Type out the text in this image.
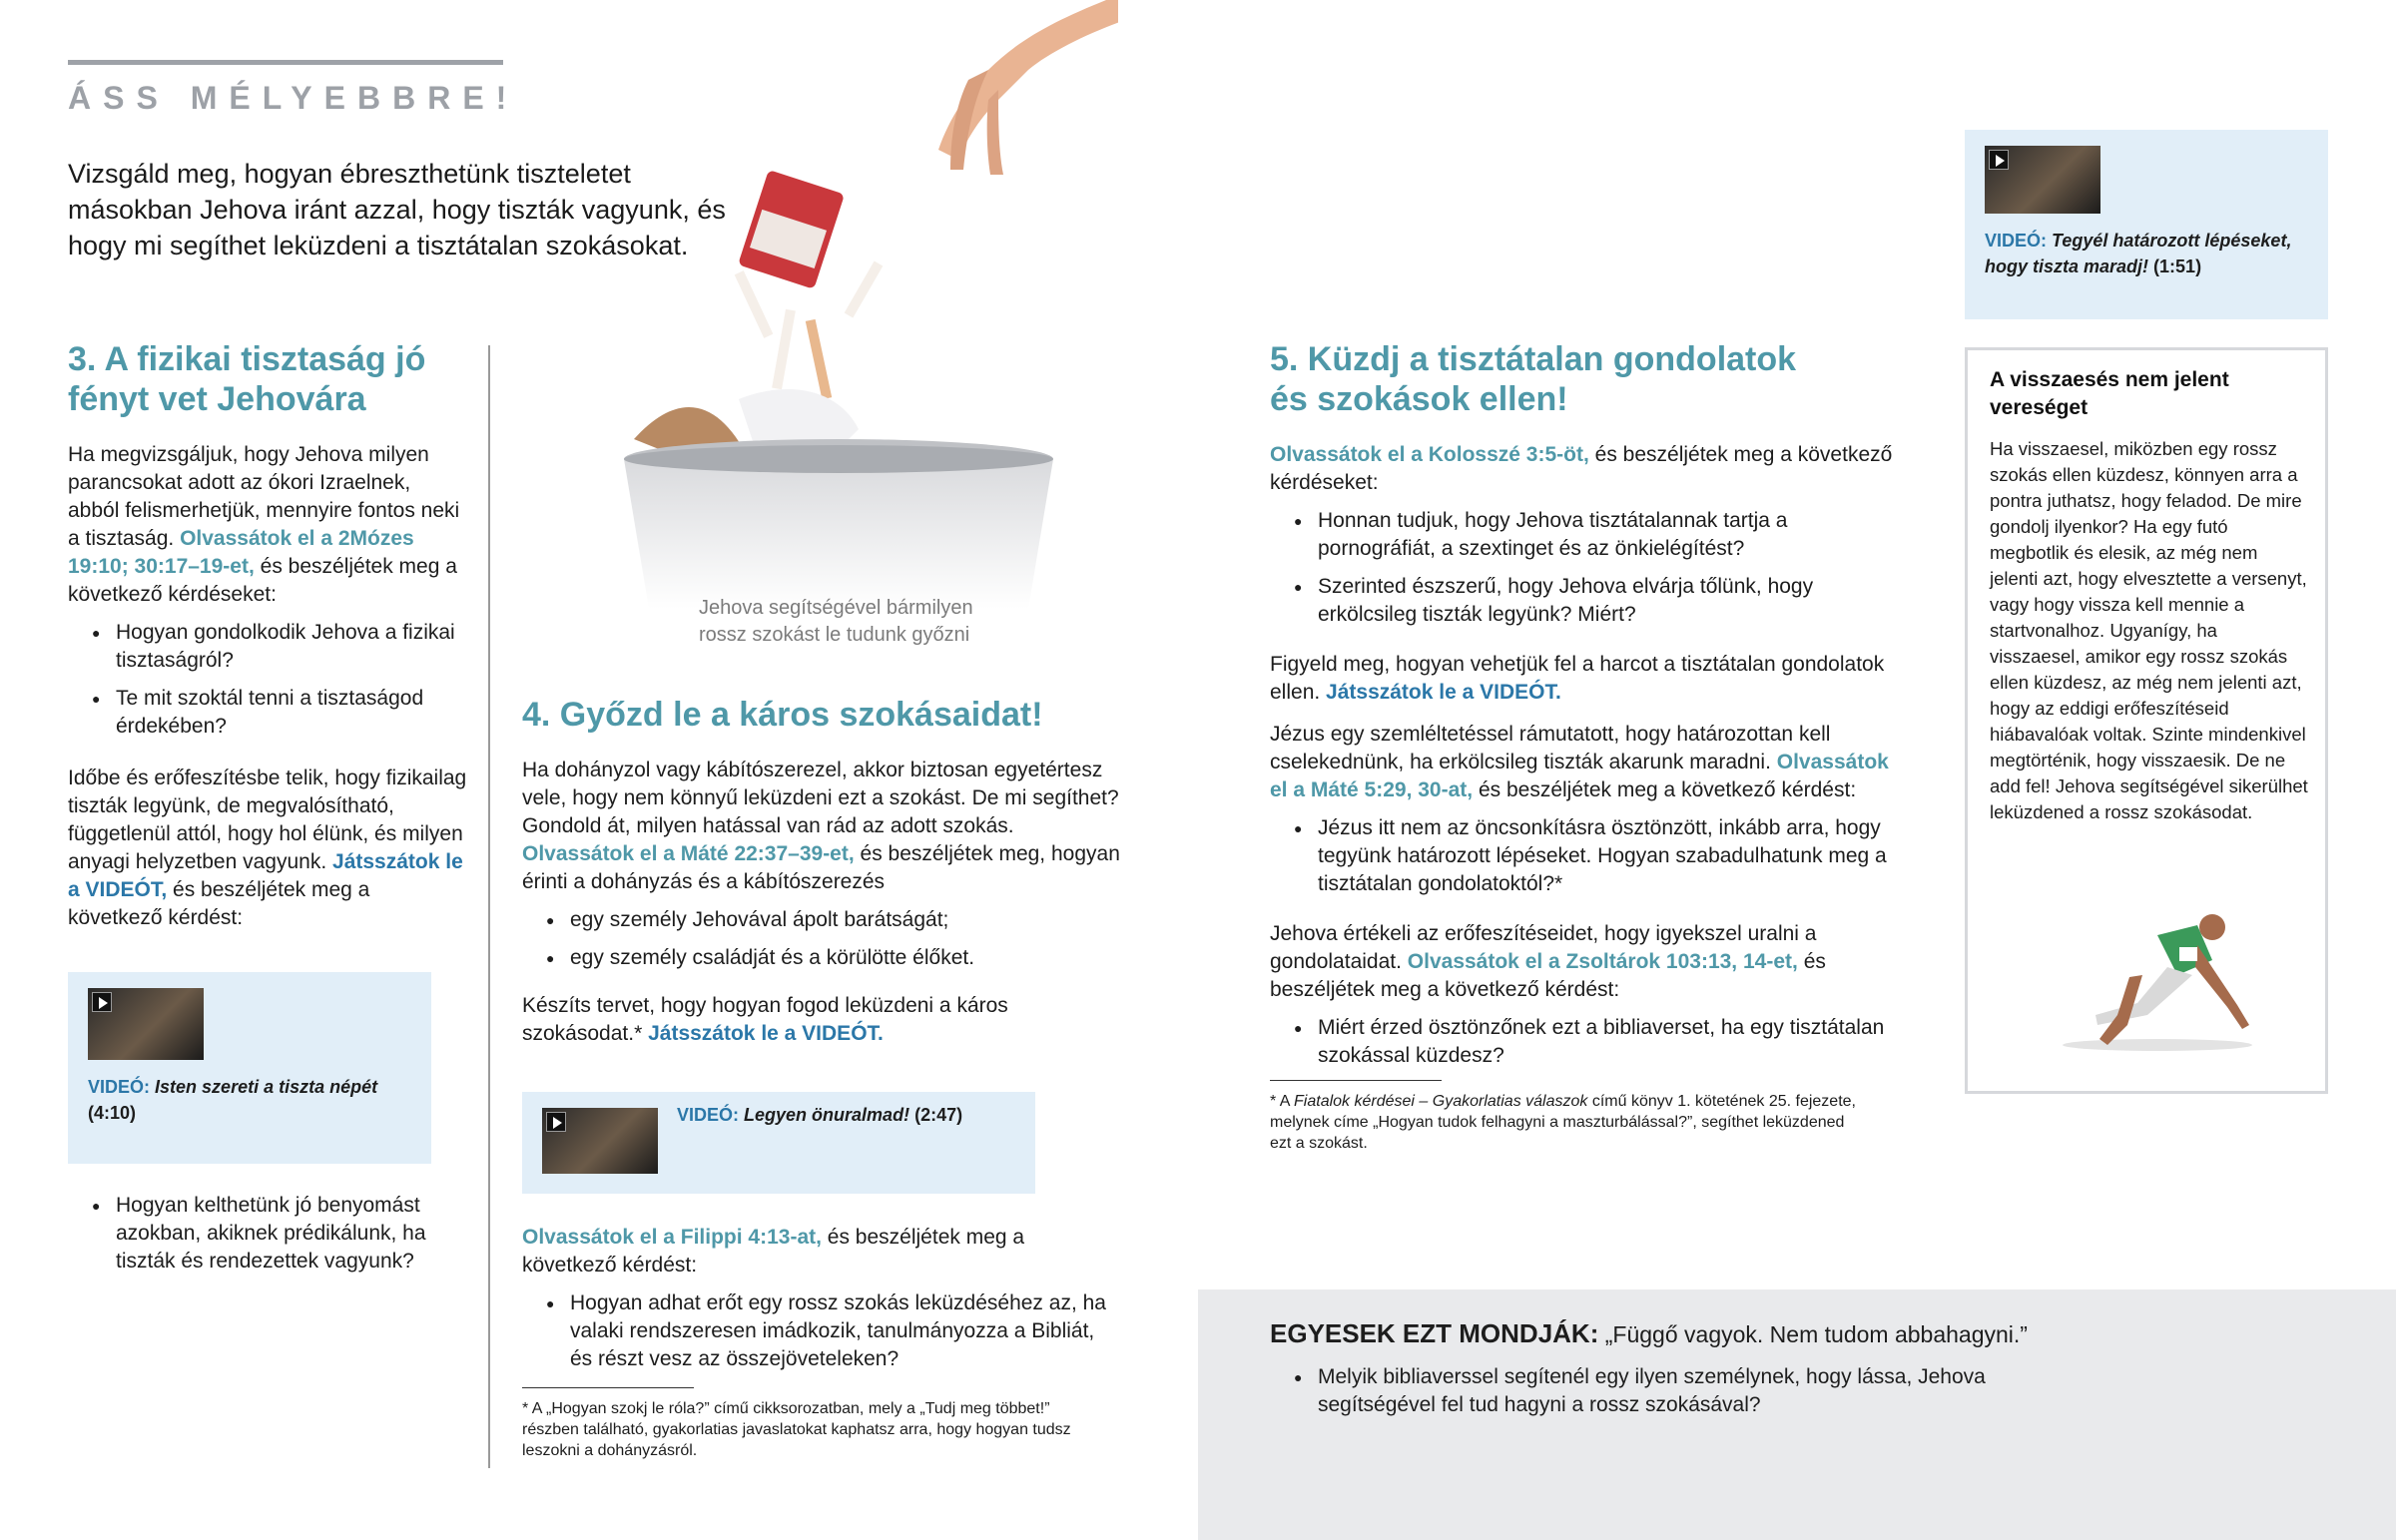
ÁSS MÉLYEBBRE!
Vizsgáld meg, hogyan ébreszthetünk tiszteletet másokban Jehova iránt azzal, hogy tiszták vagyunk, és hogy mi segíthet leküzdeni a tisztátalan szokásokat.
Jehova segítségével bármilyen rossz szokást le tudunk győzni
3. A fizikai tisztaság jó fényt vet Jehovára
Ha megvizsgáljuk, hogy Jehova milyen parancsokat adott az ókori Izraelnek, abból felismerhetjük, mennyire fontos neki a tisztaság. Olvassátok el a 2Mózes 19:10; 30:17–19-et, és beszéljétek meg a következő kérdéseket:
● Hogyan gondolkodik Jehova a fizikai tisztaságról?
● Te mit szoktál tenni a tisztaságod érdekében?
Időbe és erőfeszítésbe telik, hogy fizikailag tiszták legyünk, de megvalósítható, függetlenül attól, hogy hol élünk, és milyen anyagi helyzetben vagyunk. Játsszátok le a VIDEÓT, és beszéljétek meg a következő kérdést:
VIDEÓ: Isten szereti a tiszta népét
(4:10)
● Hogyan kelthetünk jó benyomást azokban, akiknek prédikálunk, ha tiszták és rendezettek vagyunk?
4. Győzd le a káros szokásaidat!
Ha dohányzol vagy kábítószerezel, akkor biztosan egyetértesz vele, hogy nem könnyű leküzdeni ezt a szokást. De mi segíthet? Gondold át, milyen hatással van rád az adott szokás. Olvassátok el a Máté 22:37–39-et, és beszéljétek meg, hogyan érinti a dohányzás és a kábítószerezés
● egy személy Jehovával ápolt barátságát;
● egy személy családját és a körülötte élőket.
Készíts tervet, hogy hogyan fogod leküzdeni a káros szokásodat.* Játsszátok le a VIDEÓT.
VIDEÓ: Legyen önuralmad! (2:47)
Olvassátok el a Filippi 4:13-at, és beszéljétek meg a következő kérdést:
● Hogyan adhat erőt egy rossz szokás leküzdéséhez az, ha valaki rendszeresen imádkozik, tanulmányozza a Bibliát, és részt vesz az összejöveteleken?
* A „Hogyan szokj le róla?” című cikksorozatban, mely a „Tudj meg többet!” részben található, gyakorlatias javaslatokat kaphatsz arra, hogy hogyan tudsz leszokni a dohányzásról.
5. Küzdj a tisztátalan gondolatok és szokások ellen!
Olvassátok el a Kolosszé 3:5-öt, és beszéljétek meg a következő kérdéseket:
● Honnan tudjuk, hogy Jehova tisztátalannak tartja a pornográfiát, a szextinget és az önkielégítést?
● Szerinted észszerű, hogy Jehova elvárja tőlünk, hogy erkölcsileg tiszták legyünk? Miért?
Figyeld meg, hogyan vehetjük fel a harcot a tisztátalan gondolatok ellen. Játsszátok le a VIDEÓT.
Jézus egy szemléltetéssel rámutatott, hogy határozottan kell cselekednünk, ha erkölcsileg tiszták akarunk maradni. Olvassátok el a Máté 5:29, 30-at, és beszéljétek meg a következő kérdést:
● Jézus itt nem az öncsonkításra ösztönzött, inkább arra, hogy tegyünk határozott lépéseket. Hogyan szabadulhatunk meg a tisztátalan gondolatoktól?*
Jehova értékeli az erőfeszítéseidet, hogy igyekszel uralni a gondolataidat. Olvassátok el a Zsoltárok 103:13, 14-et, és beszéljétek meg a következő kérdést:
● Miért érzed ösztönzőnek ezt a bibliaverset, ha egy tisztátalan szokással küzdesz?
* A Fiatalok kérdései – Gyakorlatias válaszok című könyv 1. kötetének 25. fejezete, melynek címe „Hogyan tudok felhagyni a maszturbálással?”, segíthet leküzdened ezt a szokást.
VIDEÓ: Tegyél határozott lépéseket, hogy tiszta maradj! (1:51)
A visszaesés nem jelent vereséget
Ha visszaesel, miközben egy rossz szokás ellen küzdesz, könnyen arra a pontra juthatsz, hogy feladod. De mire gondolj ilyenkor? Ha egy futó megbotlik és elesik, az még nem jelenti azt, hogy elvesztette a versenyt, vagy hogy vissza kell mennie a startvonalhoz. Ugyanígy, ha visszaesel, amikor egy rossz szokás ellen küzdesz, az még nem jelenti azt, hogy az eddigi erőfeszítéseid hiábavalóak voltak. Szinte mindenkivel megtörténik, hogy visszaesik. De ne add fel! Jehova segítségével sikerülhet leküzdened a rossz szokásodat.
EGYESEK EZT MONDJÁK: „Függő vagyok. Nem tudom abbahagyni.”
● Melyik bibliaverssel segítenél egy ilyen személynek, hogy lássa, Jehova segítségével fel tud hagyni a rossz szokásával?
